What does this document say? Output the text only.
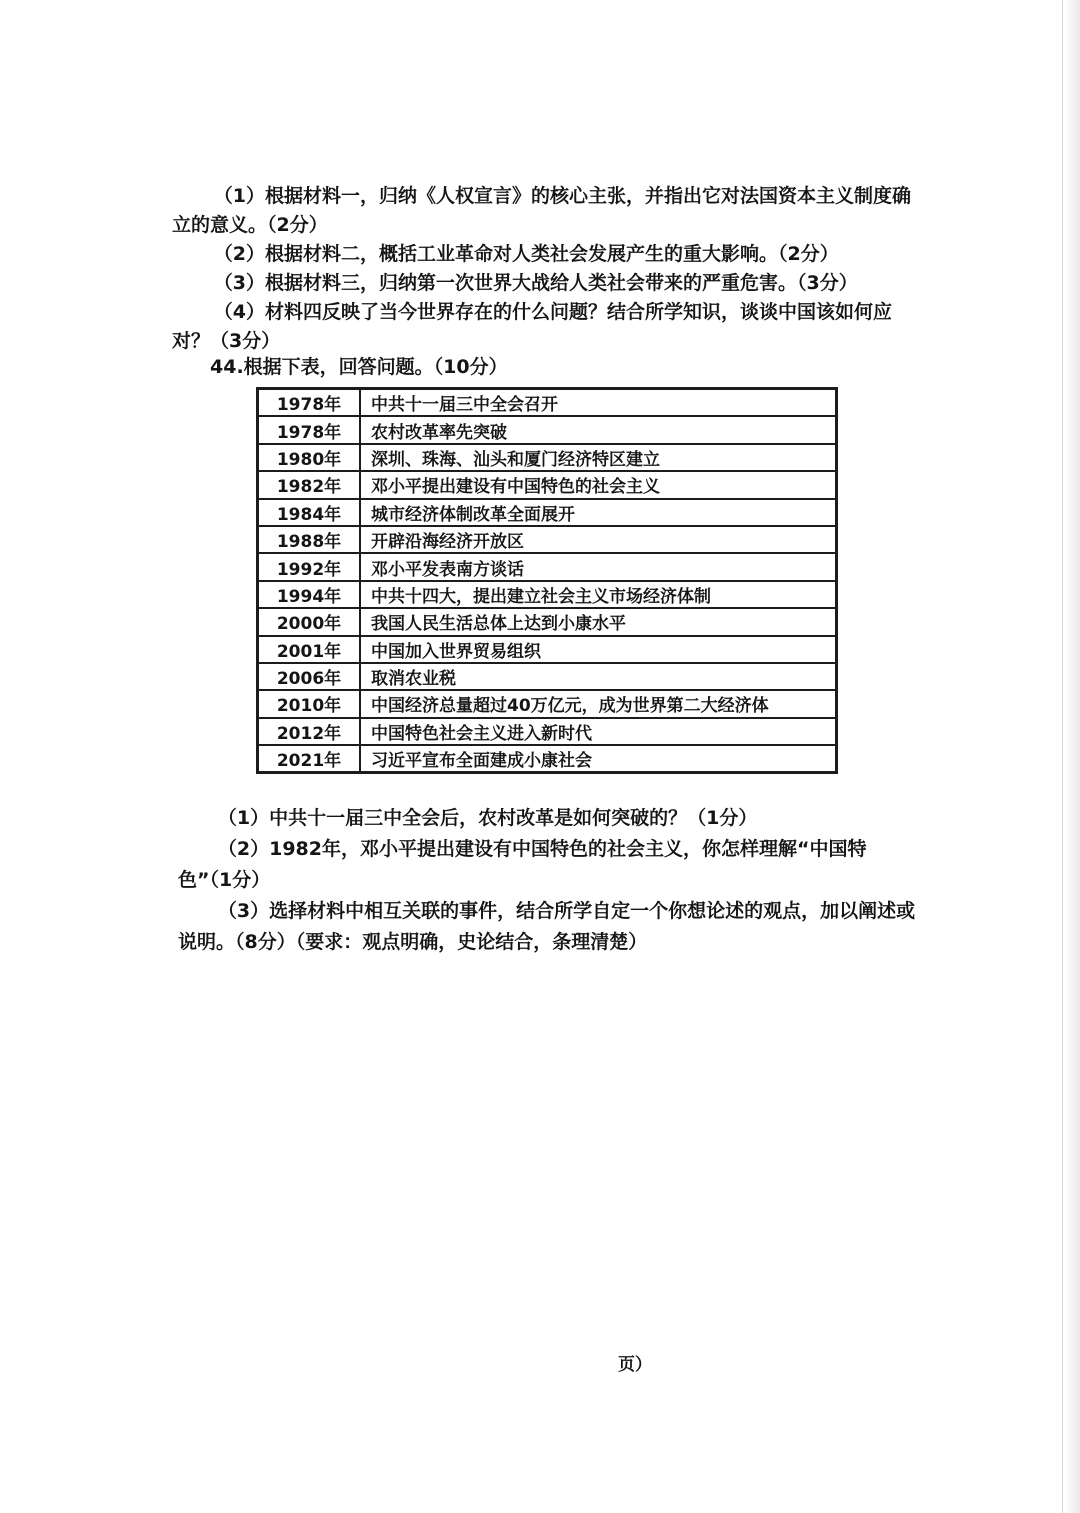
（1）根据材料一，归纳《人权宣言》的核心主张，并指出它对法国资本主义制度确立的意义。（2分）

（2）根据材料二，概括工业革命对人类社会发展产生的重大影响。（2分）

（3）根据材料三，归纳第一次世界大战给人类社会带来的严重危害。（3分）

（4）材料四反映了当今世界存在的什么问题？结合所学知识，谈谈中国该如何应对？（3分）

44.根据下表，回答问题。（10分）
1978年	中共十一届三中全会召开
1978年	农村改革率先突破
1980年	深圳、珠海、汕头和厦门经济特区建立
1982年	邓小平提出建设有中国特色的社会主义
1984年	城市经济体制改革全面展开
1988年	开辟沿海经济开放区
1992年	邓小平发表南方谈话
1994年	中共十四大，提出建立社会主义市场经济体制
2000年	我国人民生活总体上达到小康水平
2001年	中国加入世界贸易组织
2006年	取消农业税
2010年	中国经济总量超过40万亿元，成为世界第二大经济体
2012年	中国特色社会主义进入新时代
2021年	习近平宣布全面建成小康社会

（1）中共十一届三中全会后，农村改革是如何突破的？（1分）

（2）1982年，邓小平提出建设有中国特色的社会主义，你怎样理解“中国特色”（1分）

（3）选择材料中相互关联的事件，结合所学自定一个你想论述的观点，加以阐述或说明。（8分）（要求：观点明确，史论结合，条理清楚）

页）
